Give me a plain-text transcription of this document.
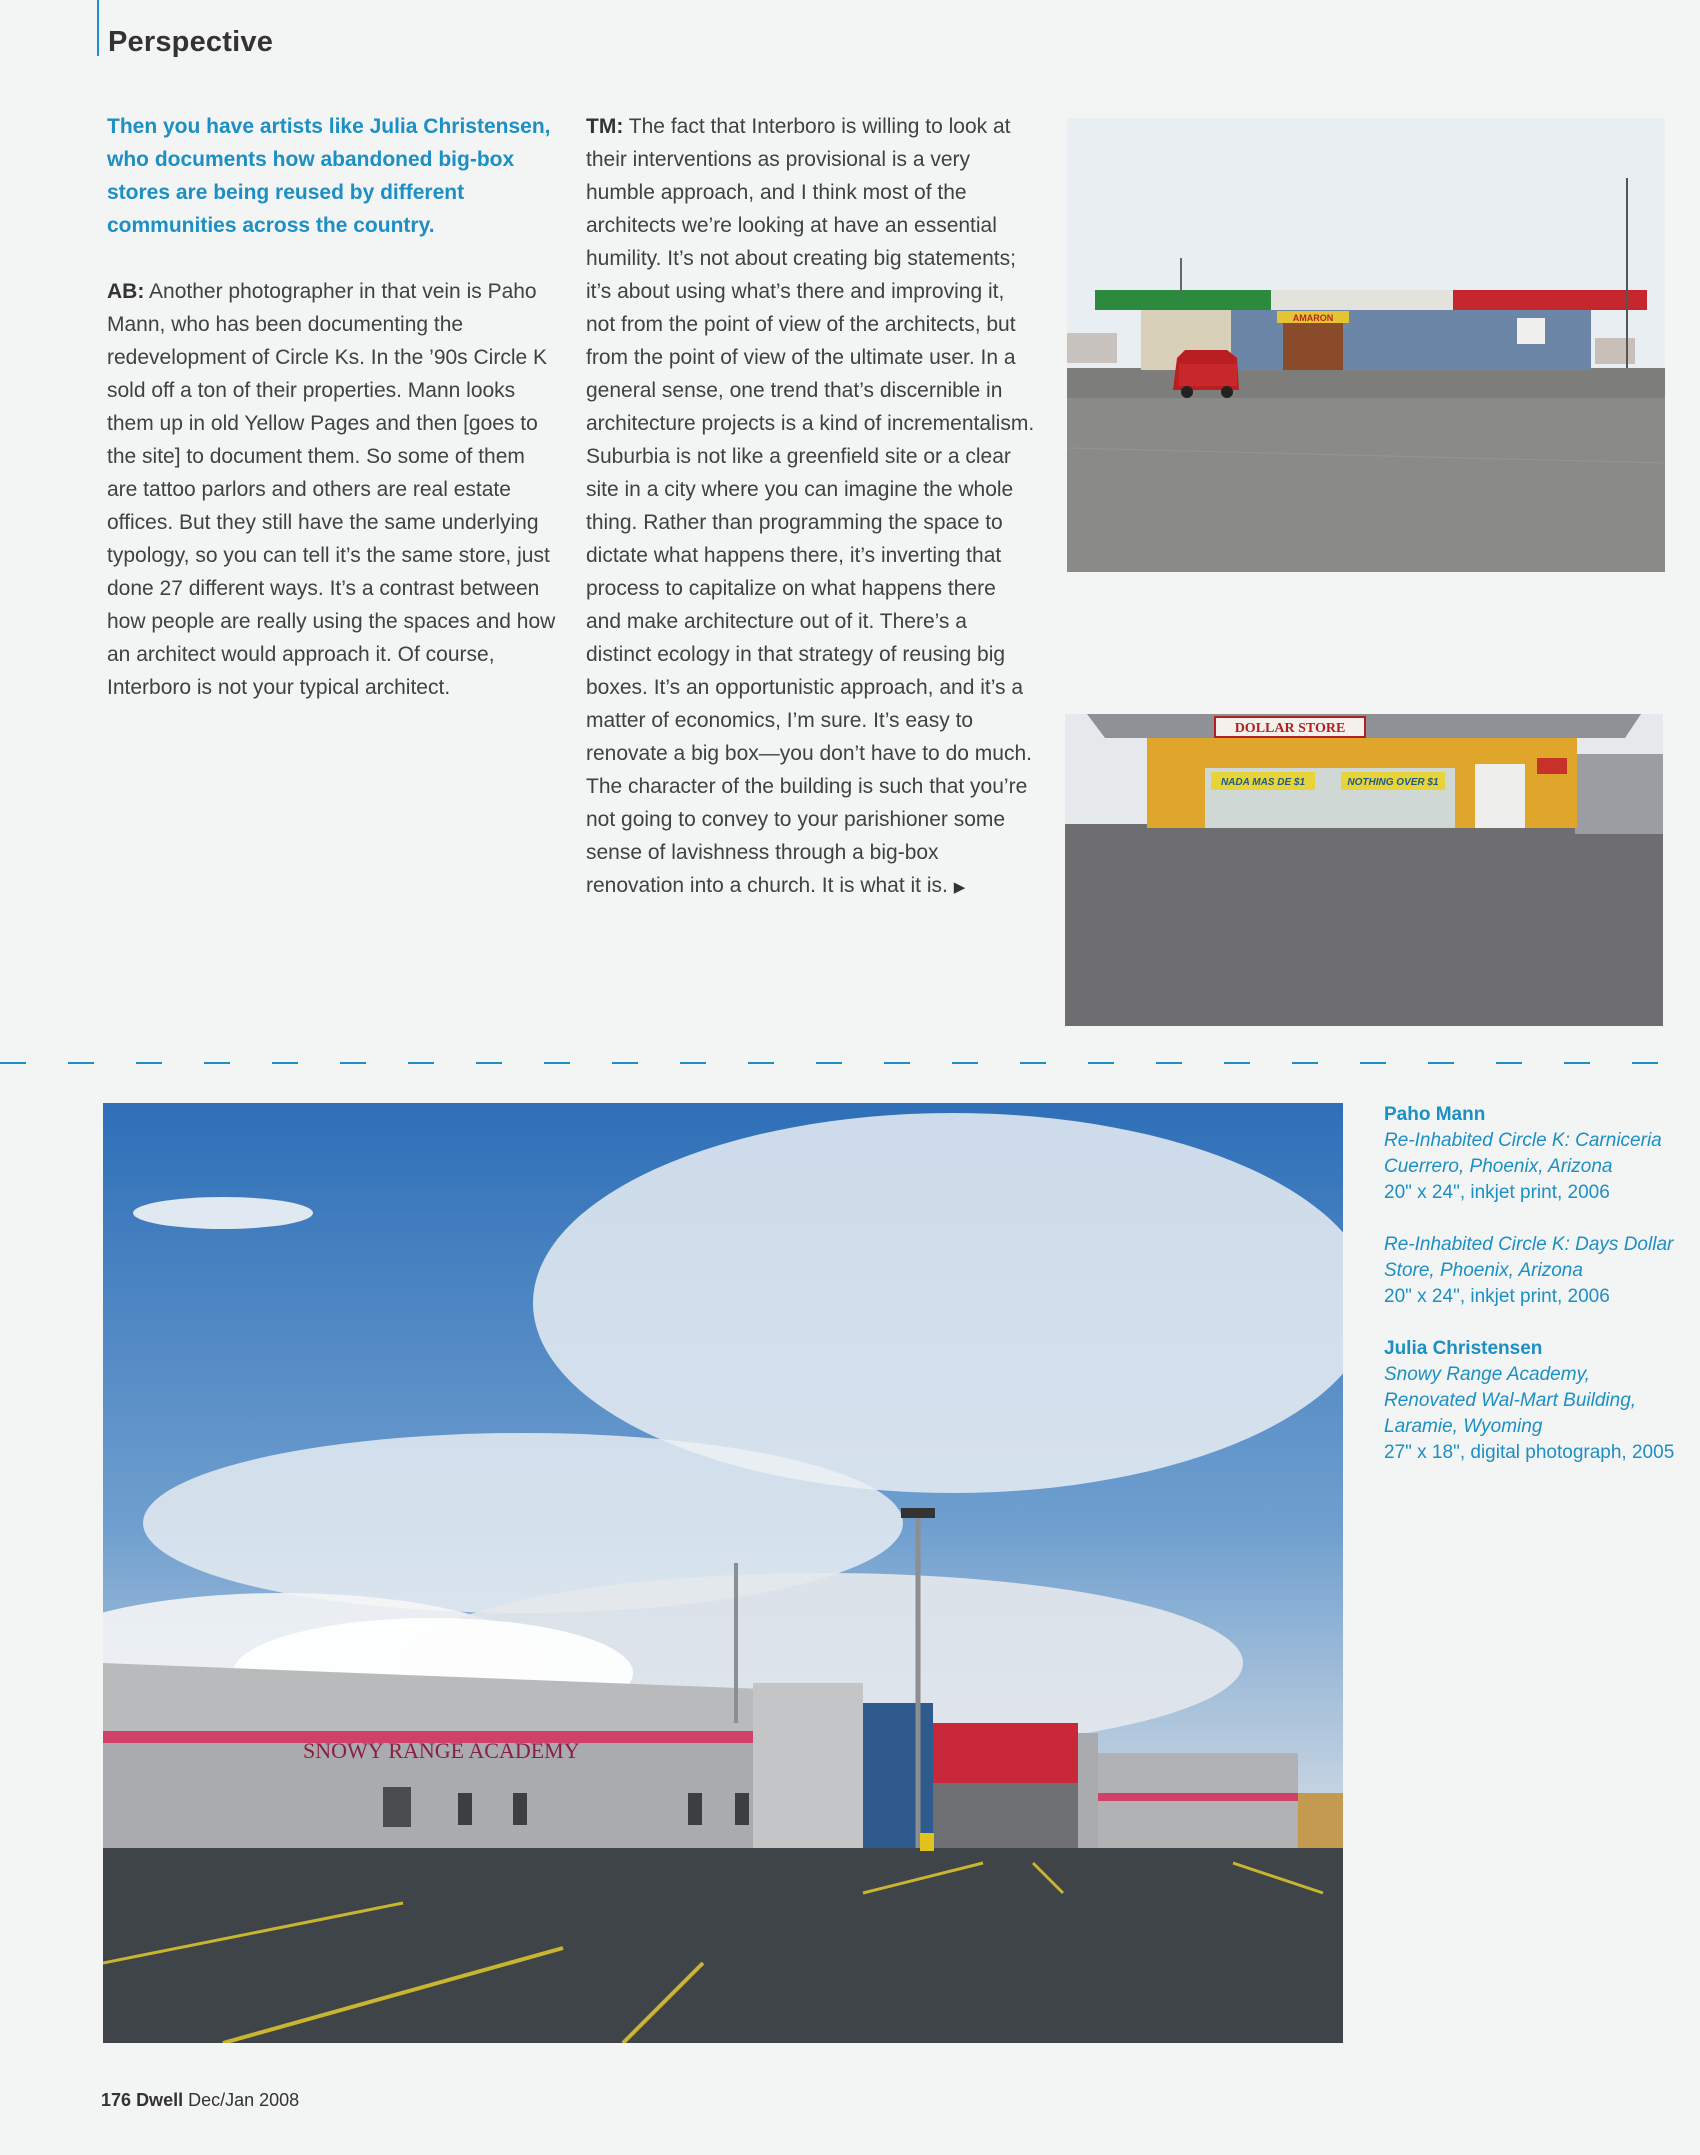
Perspective

Then you have artists like Julia Christensen, who documents how abandoned big-box stores are being reused by different communities across the country.

AB: Another photographer in that vein is Paho Mann, who has been documenting the redevelopment of Circle Ks. In the ’90s Circle K sold off a ton of their properties. Mann looks them up in old Yellow Pages and then [goes to the site] to document them. So some of them are tattoo parlors and others are real estate offices. But they still have the same underlying typology, so you can tell it’s the same store, just done 27 different ways. It’s a contrast between how people are really using the spaces and how an architect would approach it. Of course, Interboro is not your typical architect.

TM: The fact that Interboro is willing to look at their interventions as provisional is a very humble approach, and I think most of the architects we’re looking at have an essential humility. It’s not about creating big statements; it’s about using what’s there and improving it, not from the point of view of the architects, but from the point of view of the ultimate user. In a general sense, one trend that’s discernible in architecture projects is a kind of incrementalism. Suburbia is not like a greenfield site or a clear site in a city where you can imagine the whole thing. Rather than programming the space to dictate what happens there, it’s inverting that process to capitalize on what happens there and make architecture out of it. There’s a distinct ecology in that strategy of reusing big boxes. It’s an opportunistic approach, and it’s a matter of economics, I’m sure. It’s easy to renovate a big box—you don’t have to do much. The character of the building is such that you’re not going to convey to your parishioner some sense of lavishness through a big-box renovation into a church. It is what it is. ▶

AMARON
DOLLAR STORE
NADA MAS DE $1	NOTHING OVER $1
SNOWY RANGE ACADEMY
Paho Mann
Re-Inhabited Circle K: Carniceria Cuerrero, Phoenix, Arizona
20" x 24", inkjet print, 2006
Re-Inhabited Circle K: Days Dollar Store, Phoenix, Arizona
20" x 24", inkjet print, 2006
Julia Christensen
Snowy Range Academy, Renovated Wal-Mart Building, Laramie, Wyoming
27" x 18", digital photograph, 2005
176 Dwell Dec/Jan 2008
